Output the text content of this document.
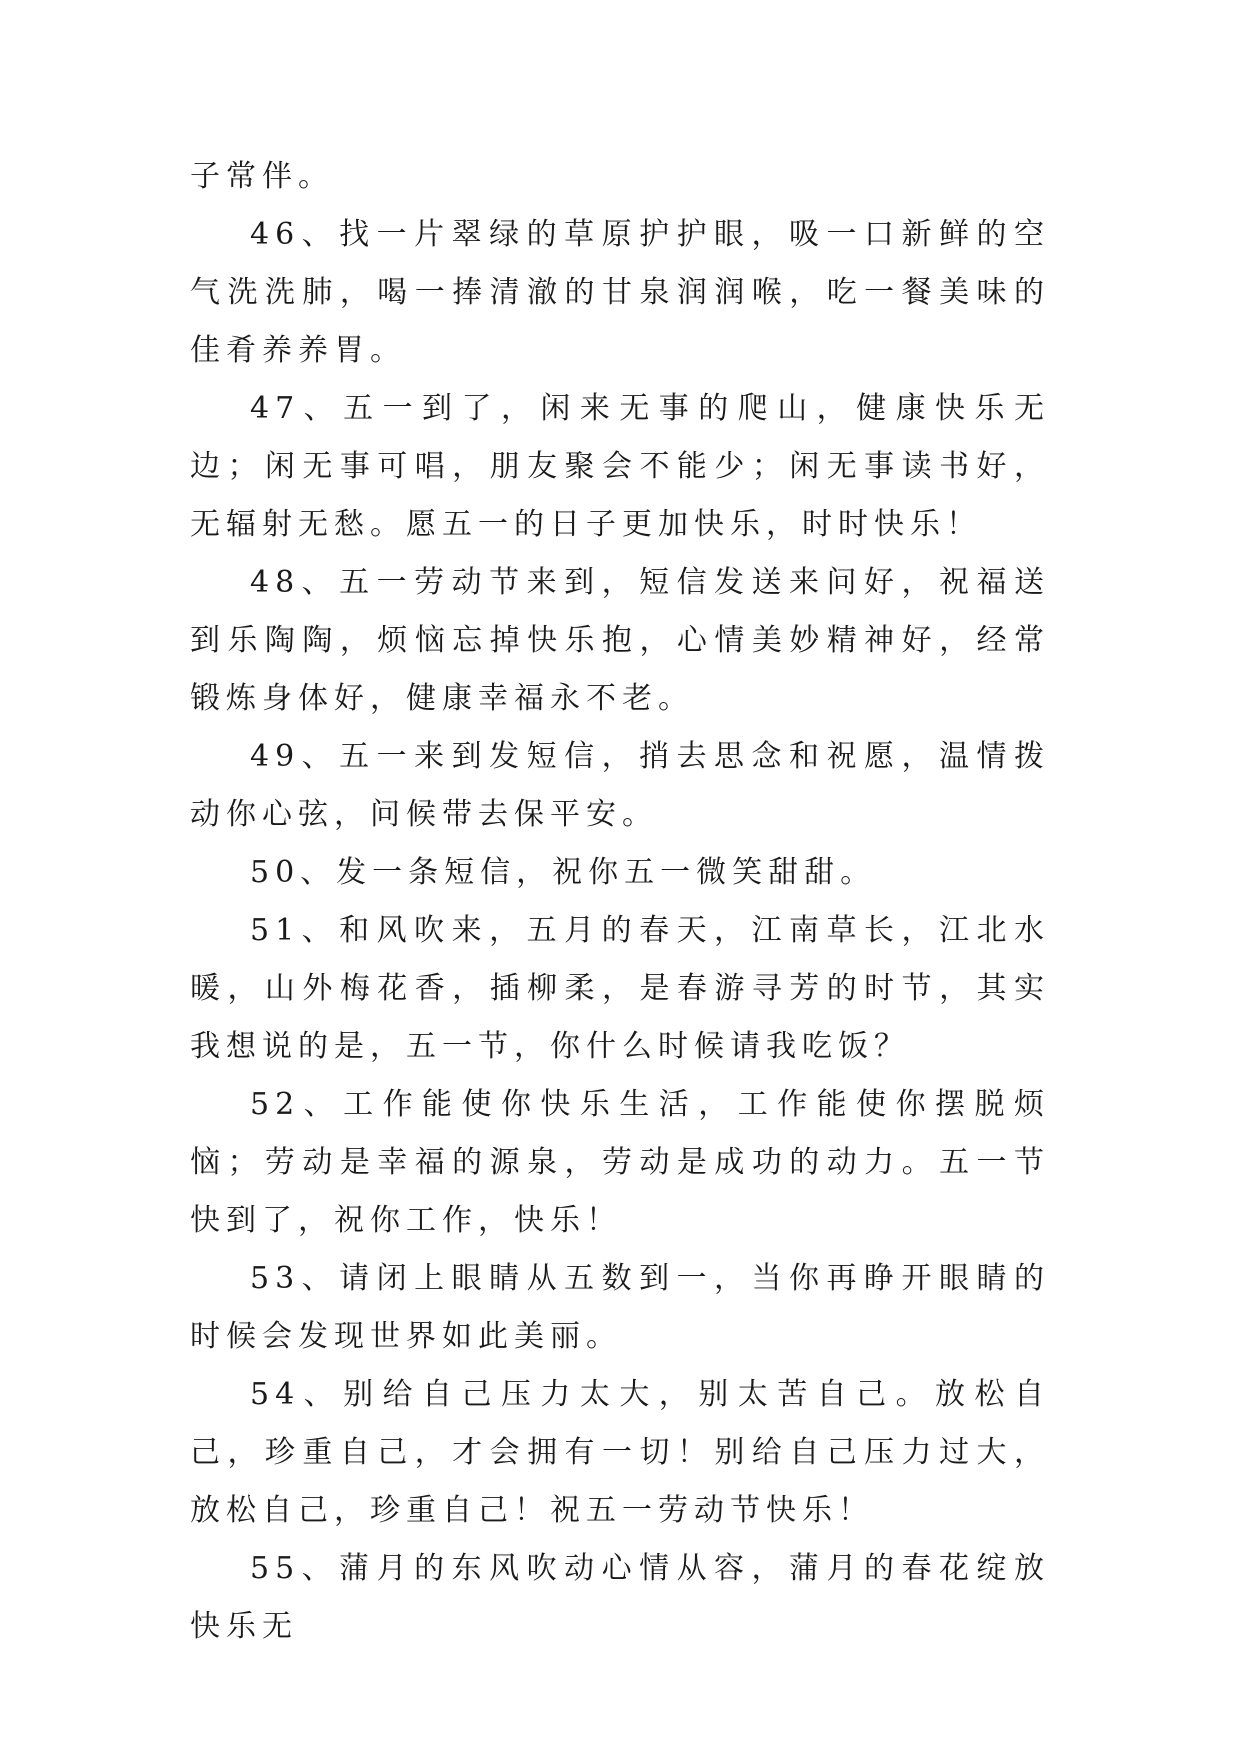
子常伴。

46、找一片翠绿的草原护护眼，吸一口新鲜的空气洗洗肺，喝一捧清澈的甘泉润润喉，吃一餐美味的佳肴养养胃。

47、五一到了，闲来无事的爬山，健康快乐无边；闲无事可唱，朋友聚会不能少；闲无事读书好，无辐射无愁。愿五一的日子更加快乐，时时快乐！

48、五一劳动节来到，短信发送来问好，祝福送到乐陶陶，烦恼忘掉快乐抱，心情美妙精神好，经常锻炼身体好，健康幸福永不老。

49、五一来到发短信，捎去思念和祝愿，温情拨动你心弦，问候带去保平安。

50、发一条短信，祝你五一微笑甜甜。

51、和风吹来，五月的春天，江南草长，江北水暖，山外梅花香，插柳柔，是春游寻芳的时节，其实我想说的是，五一节，你什么时候请我吃饭？

52、工作能使你快乐生活，工作能使你摆脱烦恼；劳动是幸福的源泉，劳动是成功的动力。五一节快到了，祝你工作，快乐！

53、请闭上眼睛从五数到一，当你再睁开眼睛的时候会发现世界如此美丽。

54、别给自己压力太大，别太苦自己。放松自己，珍重自己，才会拥有一切！别给自己压力过大，放松自己，珍重自己！祝五一劳动节快乐！

55、蒲月的东风吹动心情从容，蒲月的春花绽放快乐无
